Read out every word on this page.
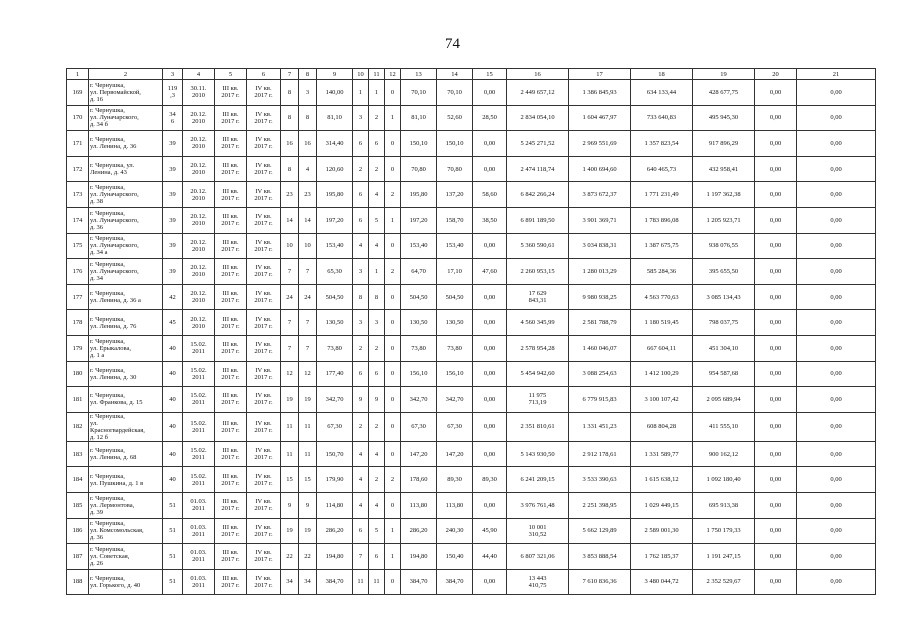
74
1	2	3	4	5	6	7	8	9	10	11	12	13	14	15	16	17	18	19	20	21
169	г. Чернушка,
ул. Первомайской,
д. 16	119
,3	30.11.
2010	III кв.
2017 г.	IV кв.
2017 г.	8	3	140,00	1	1	0	70,10	70,10	0,00	2 449 657,12	1 386 845,93	634 133,44	428 677,75	0,00	0,00
170	г. Чернушка,
ул. Луначарского,
д. 34 б	34
6	20.12.
2010	III кв.
2017 г.	IV кв.
2017 г.	8	8	81,10	3	2	1	81,10	52,60	28,50	2 834 054,10	1 604 467,97	733 640,83	495 945,30	0,00	0,00
171	г. Чернушка,
ул. Ленина, д. 36	39	20.12.
2010	III кв.
2017 г.	IV кв.
2017 г.	16	16	314,40	6	6	0	150,10	150,10	0,00	5 245 271,52	2 969 551,69	1 357 823,54	917 896,29	0,00	0,00
172	г. Чернушка, ул.
Ленина, д. 43	39	20.12.
2010	III кв.
2017 г.	IV кв.
2017 г.	8	4	120,60	2	2	0	70,80	70,80	0,00	2 474 118,74	1 400 694,60	640 465,73	432 958,41	0,00	0,00
173	г. Чернушка,
ул. Луначарского,
д. 38	39	20.12.
2010	III кв.
2017 г.	IV кв.
2017 г.	23	23	195,80	6	4	2	195,80	137,20	58,60	6 842 266,24	3 873 672,37	1 771 231,49	1 197 362,38	0,00	0,00
174	г. Чернушка,
ул. Луначарского,
д. 36	39	20.12.
2010	III кв.
2017 г.	IV кв.
2017 г.	14	14	197,20	6	5	1	197,20	158,70	38,50	6 891 189,50	3 901 369,71	1 783 896,08	1 205 923,71	0,00	0,00
175	г. Чернушка,
ул. Луначарского,
д. 34 а	39	20.12.
2010	III кв.
2017 г.	IV кв.
2017 г.	10	10	153,40	4	4	0	153,40	153,40	0,00	5 360 590,61	3 034 838,31	1 387 675,75	938 076,55	0,00	0,00
176	г. Чернушка,
ул. Луначарского,
д. 34	39	20.12.
2010	III кв.
2017 г.	IV кв.
2017 г.	7	7	65,30	3	1	2	64,70	17,10	47,60	2 260 953,15	1 280 013,29	585 284,36	395 655,50	0,00	0,00
177	г. Чернушка,
ул. Ленина, д. 36 а	42	20.12.
2010	III кв.
2017 г.	IV кв.
2017 г.	24	24	504,50	8	8	0	504,50	504,50	0,00	17 629
843,31	9 980 938,25	4 563 770,63	3 085 134,43	0,00	0,00
178	г. Чернушка,
ул. Ленина, д. 76	45	20.12.
2010	III кв.
2017 г.	IV кв.
2017 г.	7	7	130,50	3	3	0	130,50	130,50	0,00	4 560 345,99	2 581 788,79	1 180 519,45	798 037,75	0,00	0,00
179	г. Чернушка,
ул. Ерыкалова,
д. 1 а	40	15.02.
2011	III кв.
2017 г.	IV кв.
2017 г.	7	7	73,80	2	2	0	73,80	73,80	0,00	2 578 954,28	1 460 046,07	667 604,11	451 304,10	0,00	0,00
180	г. Чернушка,
ул. Ленина, д. 30	40	15.02.
2011	III кв.
2017 г.	IV кв.
2017 г.	12	12	177,40	6	6	0	156,10	156,10	0,00	5 454 942,60	3 088 254,63	1 412 100,29	954 587,68	0,00	0,00
181	г. Чернушка,
ул. Франкова, д. 15	40	15.02.
2011	III кв.
2017 г.	IV кв.
2017 г.	19	19	342,70	9	9	0	342,70	342,70	0,00	11 975
713,19	6 779 915,83	3 100 107,42	2 095 689,94	0,00	0,00
182	г. Чернушка,
ул.
Красногвардейская,
д. 12 б	40	15.02.
2011	III кв.
2017 г.	IV кв.
2017 г.	11	11	67,30	2	2	0	67,30	67,30	0,00	2 351 810,61	1 331 451,23	608 804,28	411 555,10	0,00	0,00
183	г. Чернушка,
ул. Ленина, д. 68	40	15.02.
2011	III кв.
2017 г.	IV кв.
2017 г.	11	11	150,70	4	4	0	147,20	147,20	0,00	5 143 930,50	2 912 178,61	1 331 589,77	900 162,12	0,00	0,00
184	г. Чернушка,
ул. Пушкина, д. 1 в	40	15.02.
2011	III кв.
2017 г.	IV кв.
2017 г.	15	15	179,90	4	2	2	178,60	89,30	89,30	6 241 209,15	3 533 390,63	1 615 638,12	1 092 180,40	0,00	0,00
185	г. Чернушка,
ул. Лермонтова,
д. 39	51	01.03.
2011	III кв.
2017 г.	IV кв.
2017 г.	9	9	114,80	4	4	0	113,80	113,80	0,00	3 976 761,48	2 251 398,95	1 029 449,15	695 913,38	0,00	0,00
186	г. Чернушка,
ул. Комсомольская,
д. 36	51	01.03.
2011	III кв.
2017 г.	IV кв.
2017 г.	19	19	286,20	6	5	1	286,20	240,30	45,90	10 001
310,52	5 662 129,89	2 589 001,30	1 750 179,33	0,00	0,00
187	г. Чернушка,
ул. Советская,
д. 26	51	01.03.
2011	III кв.
2017 г.	IV кв.
2017 г.	22	22	194,80	7	6	1	194,80	150,40	44,40	6 807 321,06	3 853 888,54	1 762 185,37	1 191 247,15	0,00	0,00
188	г. Чернушка,
ул. Горького, д. 40	51	01.03.
2011	III кв.
2017 г.	IV кв.
2017 г.	34	34	384,70	11	11	0	384,70	384,70	0,00	13 443
410,75	7 610 836,36	3 480 044,72	2 352 529,67	0,00	0,00
